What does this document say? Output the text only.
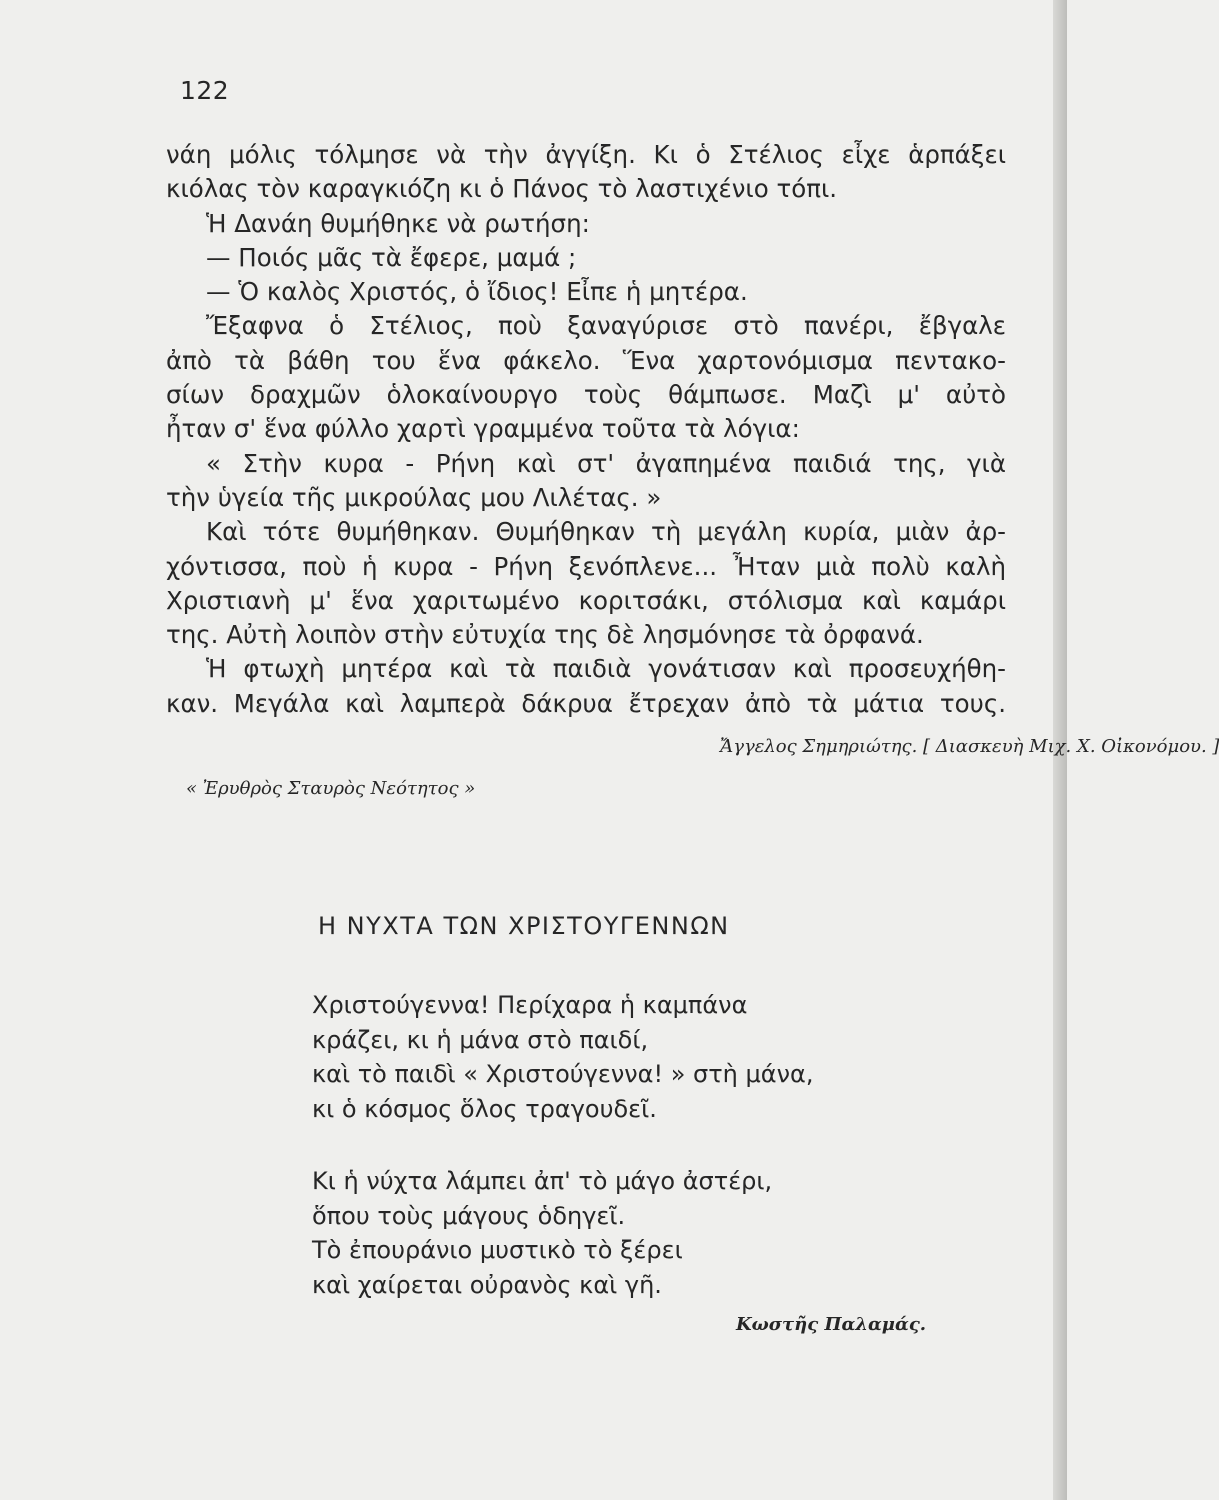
122
νάη μόλις τόλμησε νὰ τὴν ἀγγίξη. Κι ὁ Στέλιος εἶχε ἁρπάξει
κιόλας τὸν καραγκιόζη κι ὁ Πάνος τὸ λαστιχένιο τόπι.
Ἡ Δανάη θυμήθηκε νὰ ρωτήση:
— Ποιός μᾶς τὰ ἔφερε, μαμά ;
— Ὁ καλὸς Χριστός, ὁ ἴδιος! Εἶπε ἡ μητέρα.
Ἔξαφνα ὁ Στέλιος, ποὺ ξαναγύρισε στὸ πανέρι, ἔβγαλε
ἀπὸ τὰ βάθη του ἕνα φάκελο. Ἕνα χαρτονόμισμα πεντακο-
σίων δραχμῶν ὁλοκαίνουργο τοὺς θάμπωσε. Μαζὶ μ' αὐτὸ
ἦταν σ' ἕνα φύλλο χαρτὶ γραμμένα τοῦτα τὰ λόγια:
« Στὴν κυρα - Ρήνη καὶ στ' ἀγαπημένα παιδιά της, γιὰ
τὴν ὑγεία τῆς μικρούλας μου Λιλέτας. »
Καὶ τότε θυμήθηκαν. Θυμήθηκαν τὴ μεγάλη κυρία, μιὰν ἀρ-
χόντισσα, ποὺ ἡ κυρα - Ρήνη ξενόπλενε... Ἦταν μιὰ πολὺ καλὴ
Χριστιανὴ μ' ἕνα χαριτωμένο κοριτσάκι, στόλισμα καὶ καμάρι
της. Αὐτὴ λοιπὸν στὴν εὐτυχία της δὲ λησμόνησε τὰ ὀρφανά.
Ἡ φτωχὴ μητέρα καὶ τὰ παιδιὰ γονάτισαν καὶ προσευχήθη-
καν. Μεγάλα καὶ λαμπερὰ δάκρυα ἔτρεχαν ἀπὸ τὰ μάτια τους.
Ἄγγελος Σημηριώτης. [ Διασκευὴ Μιχ. Χ. Οἰκονόμου. ]
« Ἐρυθρὸς Σταυρὸς Νεότητος »
Η ΝΥΧΤΑ ΤΩΝ ΧΡΙΣΤΟΥΓΕΝΝΩΝ
Χριστούγεννα! Περίχαρα ἡ καμπάνα
κράζει, κι ἡ μάνα στὸ παιδί,
καὶ τὸ παιδὶ « Χριστούγεννα! » στὴ μάνα,
κι ὁ κόσμος ὅλος τραγουδεῖ.
Κι ἡ νύχτα λάμπει ἀπ' τὸ μάγο ἀστέρι,
ὅπου τοὺς μάγους ὁδηγεῖ.
Τὸ ἐπουράνιο μυστικὸ τὸ ξέρει
καὶ χαίρεται οὐρανὸς καὶ γῆ.
Κωστῆς Παλαμάς.
